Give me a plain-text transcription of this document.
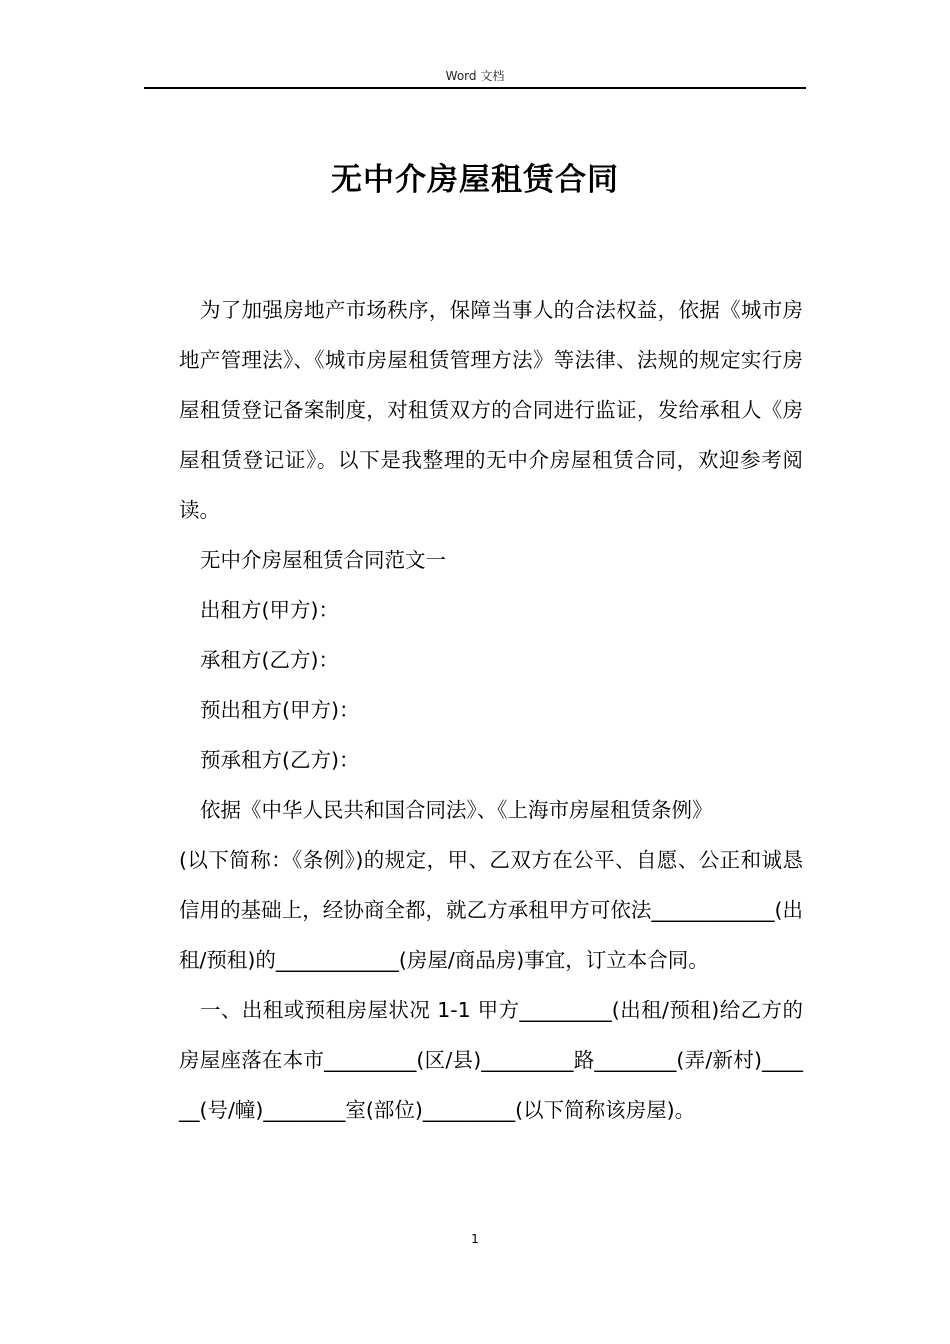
Word 文档
无中介房屋租赁合同

为了加强房地产市场秩序，保障当事人的合法权益，依据《城市房地产管理法》、《城市房屋租赁管理方法》等法律、法规的规定实行房屋租赁登记备案制度，对租赁双方的合同进行监证，发给承租人《房屋租赁登记证》。以下是我整理的无中介房屋租赁合同，欢迎参考阅读。

无中介房屋租赁合同范文一

出租方(甲方)：

承租方(乙方)：

预出租方(甲方)：

预承租方(乙方)：

依据《中华人民共和国合同法》、《上海市房屋租赁条例》

(以下简称：《条例》)的规定，甲、乙双方在公平、自愿、公正和诚恳信用的基础上，经协商全都，就乙方承租甲方可依法____________(出租/预租)的____________(房屋/商品房)事宜，订立本合同。

一、出租或预租房屋状况 1-1 甲方_________(出租/预租)给乙方的房屋座落在本市_________(区/县)_________路________(弄/新村)______(号/幢)________室(部位)_________(以下简称该房屋)。

1
